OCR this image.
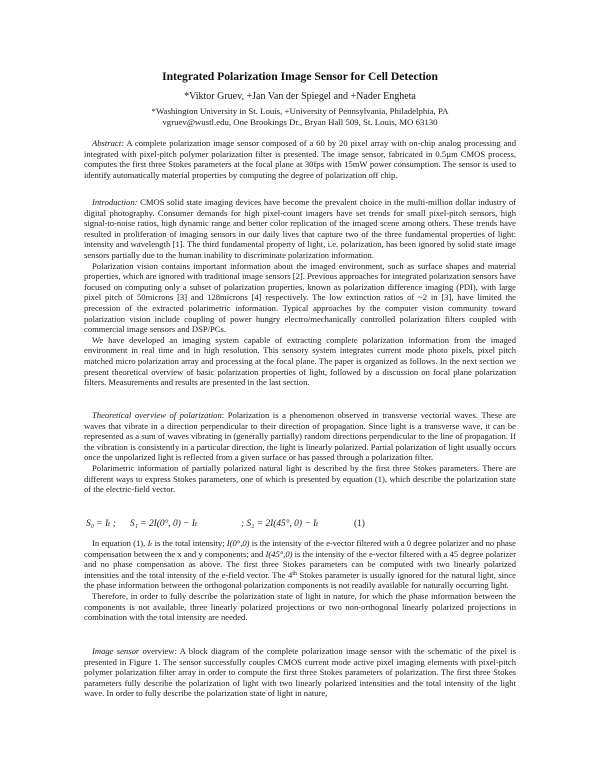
Integrated Polarization Image Sensor for Cell Detection
*Viktor Gruev, +Jan Van der Spiegel and +Nader Engheta
*Washington University in St. Louis, +University of Pennsylvania, Philadelphia, PA
vgruev@wustl.edu, One Brookings Dr., Bryan Hall 509, St. Louis, MO 63130

Abstract: A complete polarization image sensor composed of a 60 by 20 pixel array with on-chip analog processing and integrated with pixel-pitch polymer polarization filter is presented. The image sensor, fabricated in 0.5µm CMOS process, computes the first three Stokes parameters at the focal plane at 30fps with 15mW power consumption. The sensor is used to identify automatically material properties by computing the degree of polarization off chip.

Introduction: CMOS solid state imaging devices have become the prevalent choice in the multi-million dollar industry of digital photography. Consumer demands for high pixel-count imagers have set trends for small pixel-pitch sensors, high signal-to-noise ratios, high dynamic range and better color replication of the imaged scene among others. These trends have resulted in proliferation of imaging sensors in our daily lives that capture two of the three fundamental properties of light: intensity and wavelength [1]. The third fundamental property of light, i.e. polarization, has been ignored by solid state image sensors partially due to the human inability to discriminate polarization information.

Polarization vision contains important information about the imaged environment, such as surface shapes and material properties, which are ignored with traditional image sensors [2]. Previous approaches for integrated polarization sensors have focused on computing only a subset of polarization properties, known as polarization difference imaging (PDI), with large pixel pitch of 50microns [3] and 128microns [4] respectively. The low extinction ratios of ~2 in [3], have limited the precession of the extracted polarimetric information. Typical approaches by the computer vision community toward polarization vision include coupling of power hungry electro/mechanically controlled polarization filters coupled with commercial image sensors and DSP/PCs.

We have developed an imaging system capable of extracting complete polarization information from the imaged environment in real time and in high resolution. This sensory system integrates current mode photo pixels, pixel pitch matched micro polarization array and processing at the focal plane. The paper is organized as follows. In the next section we present theoretical overview of basic polarization properties of light, followed by a discussion on focal plane polarization filters. Measurements and results are presented in the last section.

Theoretical overview of polarization: Polarization is a phenomenon observed in transverse vectorial waves. These are waves that vibrate in a direction perpendicular to their direction of propagation. Since light is a transverse wave, it can be represented as a sum of waves vibrating in (generally partially) random directions perpendicular to the line of propagation. If the vibration is consistently in a particular direction, the light is linearly polarized. Partial polarization of light usually occurs once the unpolarized light is reflected from a given surface or has passed through a polarization filter.

Polarimetric information of partially polarized natural light is described by the first three Stokes parameters. There are different ways to express Stokes parameters, one of which is presented by equation (1), which describe the polarization state of the electric-field vector.

S₀ = Iₜ ; S₁ = 2I(0°, 0) − Iₜ	; S₂ = 2I(45°, 0) − Iₜ	(1)

In equation (1), Iₜ is the total intensity; I(0°,0) is the intensity of the e-vector filtered with a 0 degree polarizer and no phase compensation between the x and y components; and I(45°,0) is the intensity of the e-vector filtered with a 45 degree polarizer and no phase compensation as above. The first three Stokes parameters can be computed with two linearly polarized intensities and the total intensity of the e-field vector. The 4th Stokes parameter is usually ignored for the natural light, since the phase information between the orthogonal polarization components is not readily available for naturally occurring light.

Therefore, in order to fully describe the polarization state of light in nature, for which the phase information between the components is not available, three linearly polarized projections or two non-orthogonal linearly polarized projections in combination with the total intensity are needed.

Image sensor overview: A block diagram of the complete polarization image sensor with the schematic of the pixel is presented in Figure 1. The sensor successfully couples CMOS current mode active pixel imaging elements with pixel-pitch polymer polarization filter array in order to compute the first three Stokes parameters of polarization. The first three Stokes parameters fully describe the polarization of light with two linearly polarized intensities and the total intensity of the light wave. In order to fully describe the polarization state of light in nature,
